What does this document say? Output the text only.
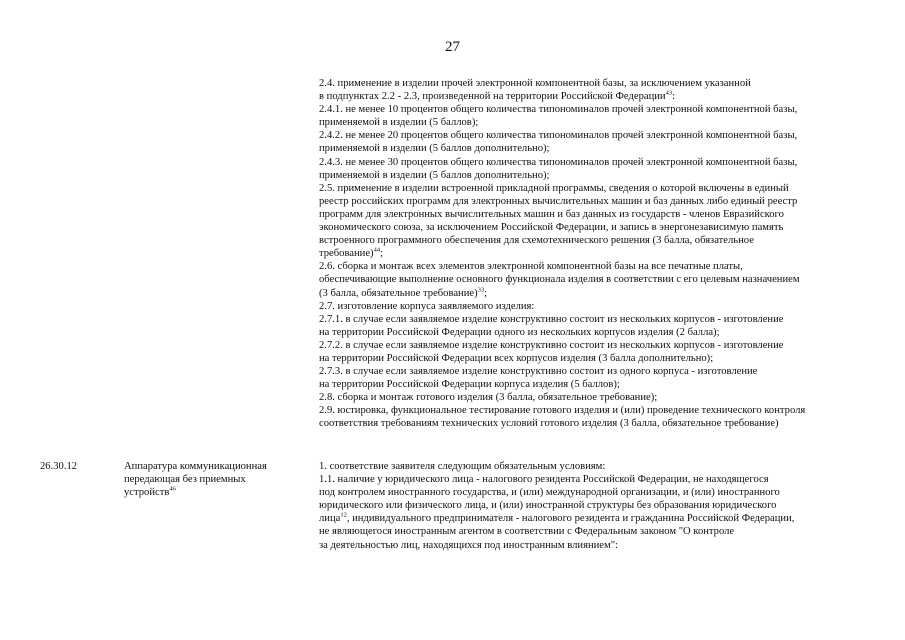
27
2.4. применение в изделии прочей электронной компонентной базы, за исключением указанной
в подпунктах 2.2 - 2.3, произведенной на территории Российской Федерации$^{43}$:
2.4.1. не менее 10 процентов общего количества типономиналов прочей электронной компонентной базы,
применяемой в изделии (5 баллов);
2.4.2. не менее 20 процентов общего количества типономиналов прочей электронной компонентной базы,
применяемой в изделии (5 баллов дополнительно);
2.4.3. не менее 30 процентов общего количества типономиналов прочей электронной компонентной базы,
применяемой в изделии (5 баллов дополнительно);
2.5. применение в изделии встроенной прикладной программы, сведения о которой включены в единый
реестр российских программ для электронных вычислительных машин и баз данных либо единый реестр
программ для электронных вычислительных машин и баз данных из государств - членов Евразийского
экономического союза, за исключением Российской Федерации, и запись в энергонезависимую память
встроенного программного обеспечения для схемотехнического решения (3 балла, обязательное
требование)$^{44}$;
2.6. сборка и монтаж всех элементов электронной компонентной базы на все печатные платы,
обеспечивающие выполнение основного функционала изделия в соответствии с его целевым назначением
(3 балла, обязательное требование)$^{33}$;
2.7. изготовление корпуса заявляемого изделия:
2.7.1. в случае если заявляемое изделие конструктивно состоит из нескольких корпусов - изготовление
на территории Российской Федерации одного из нескольких корпусов изделия (2 балла);
2.7.2. в случае если заявляемое изделие конструктивно состоит из нескольких корпусов - изготовление
на территории Российской Федерации всех корпусов изделия (3 балла дополнительно);
2.7.3. в случае если заявляемое изделие конструктивно состоит из одного корпуса - изготовление
на территории Российской Федерации корпуса изделия (5 баллов);
2.8. сборка и монтаж готового изделия (3 балла, обязательное требование);
2.9. юстировка, функциональное тестирование готового изделия и (или) проведение технического контроля
соответствия требованиям технических условий готового изделия (3 балла, обязательное требование)
26.30.12	Аппаратура коммуникационная
передающая без приемных
устройств$^{46}$
1. соответствие заявителя следующим обязательным условиям:
1.1. наличие у юридического лица - налогового резидента Российской Федерации, не находящегося
под контролем иностранного государства, и (или) международной организации, и (или) иностранного
юридического или физического лица, и (или) иностранной структуры без образования юридического
лица$^{12}$, индивидуального предпринимателя - налогового резидента и гражданина Российской Федерации,
не являющегося иностранным агентом в соответствии с Федеральным законом "О контроле
за деятельностью лиц, находящихся под иностранным влиянием":
